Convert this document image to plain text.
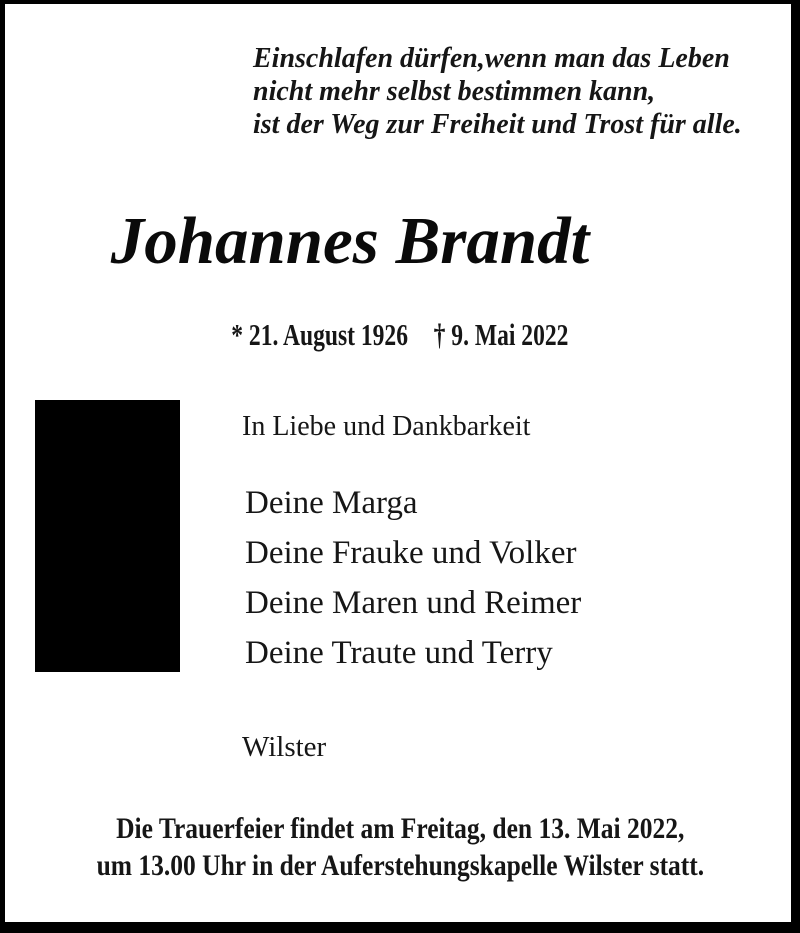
Einschlafen dürfen,wenn man das Leben
nicht mehr selbst bestimmen kann,
ist der Weg zur Freiheit und Trost für alle.
Johannes Brandt
* 21. August 1926 † 9. Mai 2022
In Liebe und Dankbarkeit
Deine Marga
Deine Frauke und Volker
Deine Maren und Reimer
Deine Traute und Terry
Wilster
Die Trauerfeier findet am Freitag, den 13. Mai 2022,
um 13.00 Uhr in der Auferstehungskapelle Wilster statt.
